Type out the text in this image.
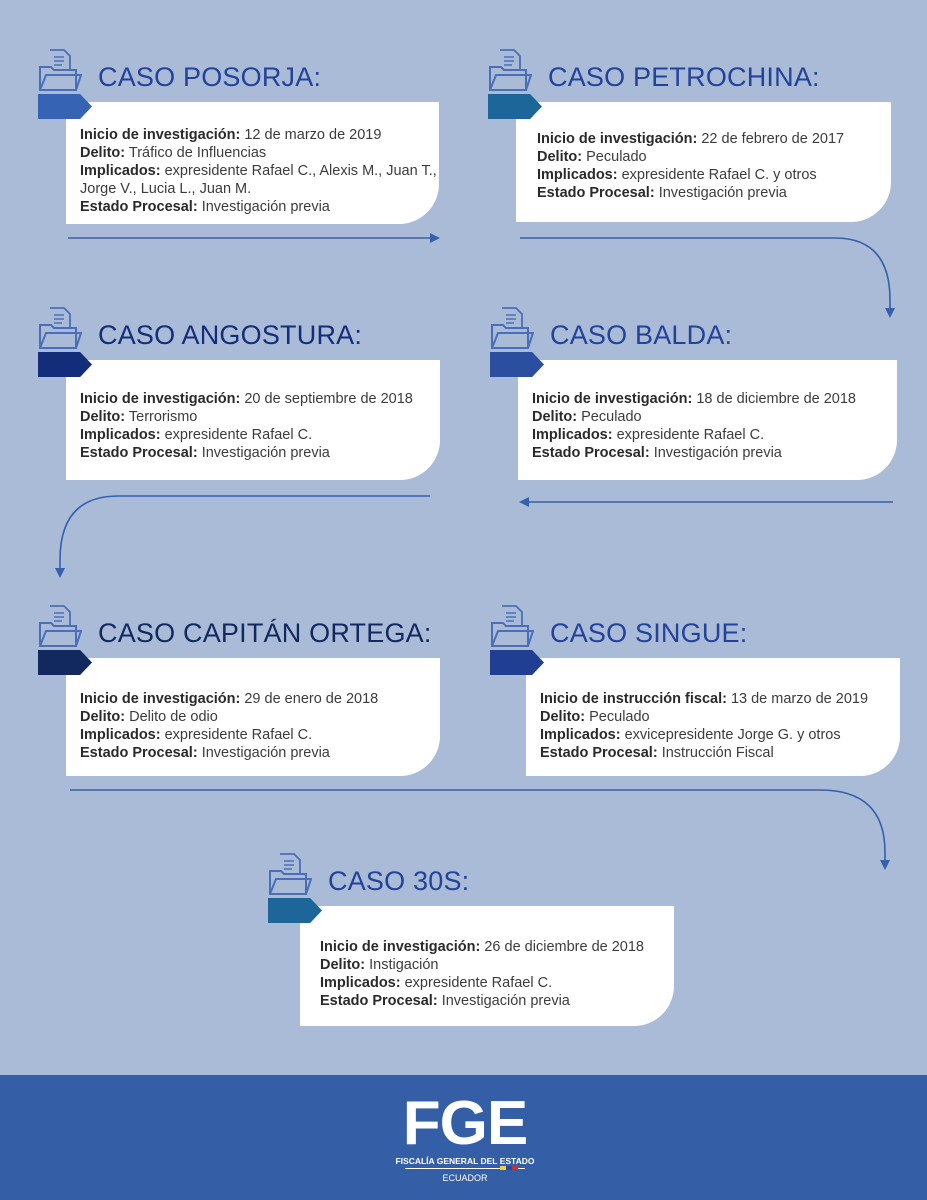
Inicio de investigación: 12 de marzo de 2019
Delito: Tráfico de Influencias
Implicados: expresidente Rafael C., Alexis M., Juan T., Jorge V., Lucia L., Juan M.
Estado Procesal: Investigación previa
CASO POSORJA:
Inicio de investigación: 22 de febrero de 2017
Delito: Peculado
Implicados: expresidente Rafael C. y otros
Estado Procesal: Investigación previa
CASO PETROCHINA:
Inicio de investigación: 20 de septiembre de 2018
Delito: Terrorismo
Implicados: expresidente Rafael C.
Estado Procesal: Investigación previa
CASO ANGOSTURA:
Inicio de investigación: 18 de diciembre de 2018
Delito: Peculado
Implicados: expresidente Rafael C.
Estado Procesal: Investigación previa
CASO BALDA:
Inicio de investigación: 29 de enero de 2018
Delito: Delito de odio
Implicados: expresidente Rafael C.
Estado Procesal: Investigación previa
CASO CAPITÁN ORTEGA:
Inicio de instrucción fiscal: 13 de marzo de 2019
Delito: Peculado
Implicados: exvicepresidente Jorge G. y otros
Estado Procesal: Instrucción Fiscal
CASO SINGUE:
Inicio de investigación: 26 de diciembre de 2018
Delito: Instigación
Implicados: expresidente Rafael C.
Estado Procesal: Investigación previa
CASO 30S:
FGE
FISCALÍA GENERAL DEL ESTADO
ECUADOR
